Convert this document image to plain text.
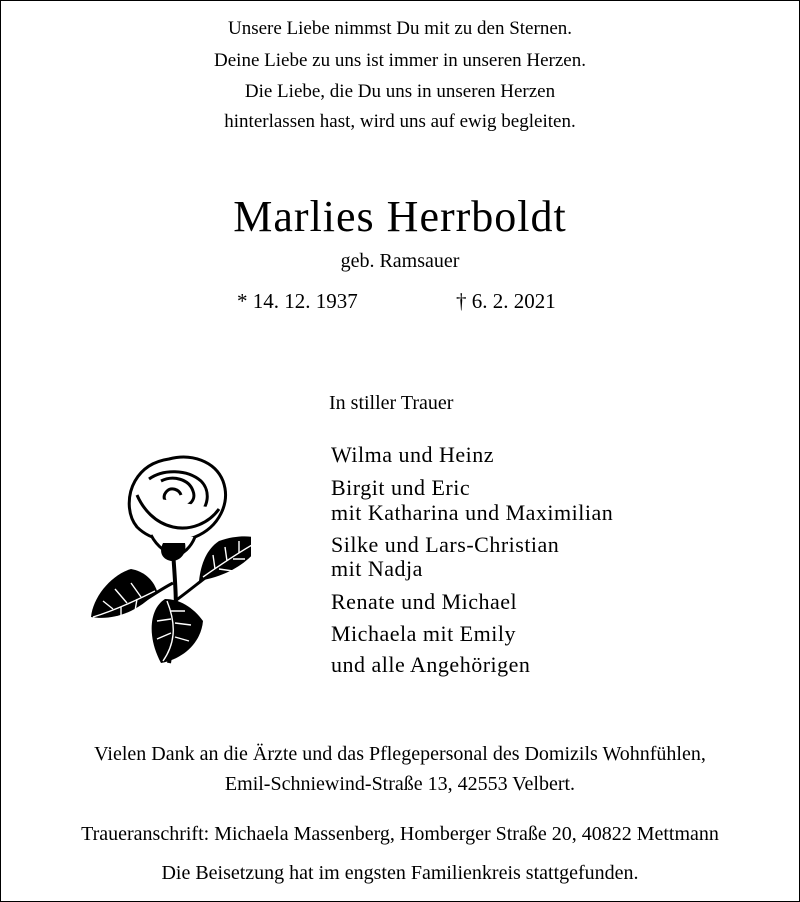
Unsere Liebe nimmst Du mit zu den Sternen.
Deine Liebe zu uns ist immer in unseren Herzen.
Die Liebe, die Du uns in unseren Herzen
hinterlassen hast, wird uns auf ewig begleiten.
Marlies Herrboldt
geb. Ramsauer
* 14. 12. 1937	† 6. 2. 2021
In stiller Trauer
Wilma und Heinz
Birgit und Eric
mit Katharina und Maximilian
Silke und Lars-Christian
mit Nadja
Renate und Michael
Michaela mit Emily
und alle Angehörigen
Vielen Dank an die Ärzte und das Pflegepersonal des Domizils Wohnfühlen,
Emil-Schniewind-Straße 13, 42553 Velbert.
Traueranschrift: Michaela Massenberg, Homberger Straße 20, 40822 Mettmann
Die Beisetzung hat im engsten Familienkreis stattgefunden.
